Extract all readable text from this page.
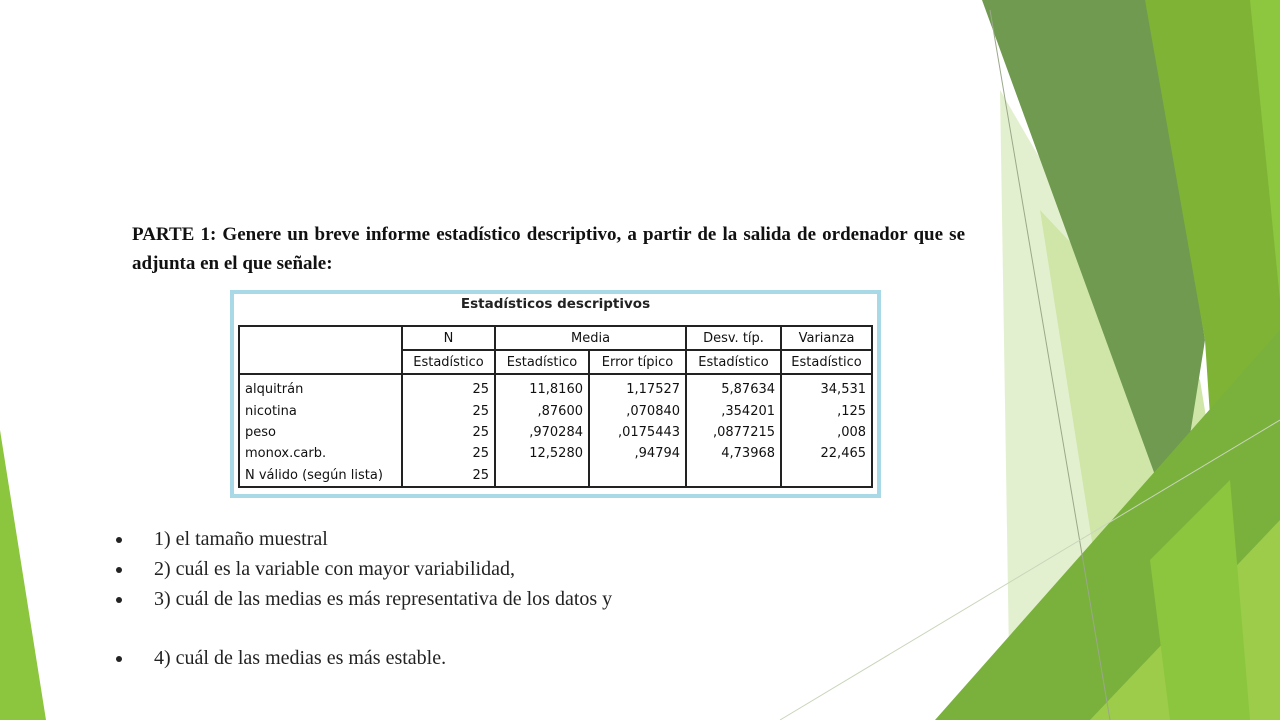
PARTE 1: Genere un breve informe estadístico descriptivo, a partir de la salida de ordenador que se adjunta en el que señale:
Estadísticos descriptivos
	N	Media		Desv. típ.	Varianza
	Estadístico	Estadístico	Error típico	Estadístico	Estadístico
alquitrán	25	11,8160	1,17527	5,87634	34,531
nicotina	25	,87600	,070840	,354201	,125
peso	25	,970284	,0175443	,0877215	,008
monox.carb.	25	12,5280	,94794	4,73968	22,465
N válido (según lista)	25				
1) el tamaño muestral
2) cuál es la variable con mayor variabilidad,
3) cuál de las medias es más representativa de los datos y
4) cuál de las medias es más estable.
